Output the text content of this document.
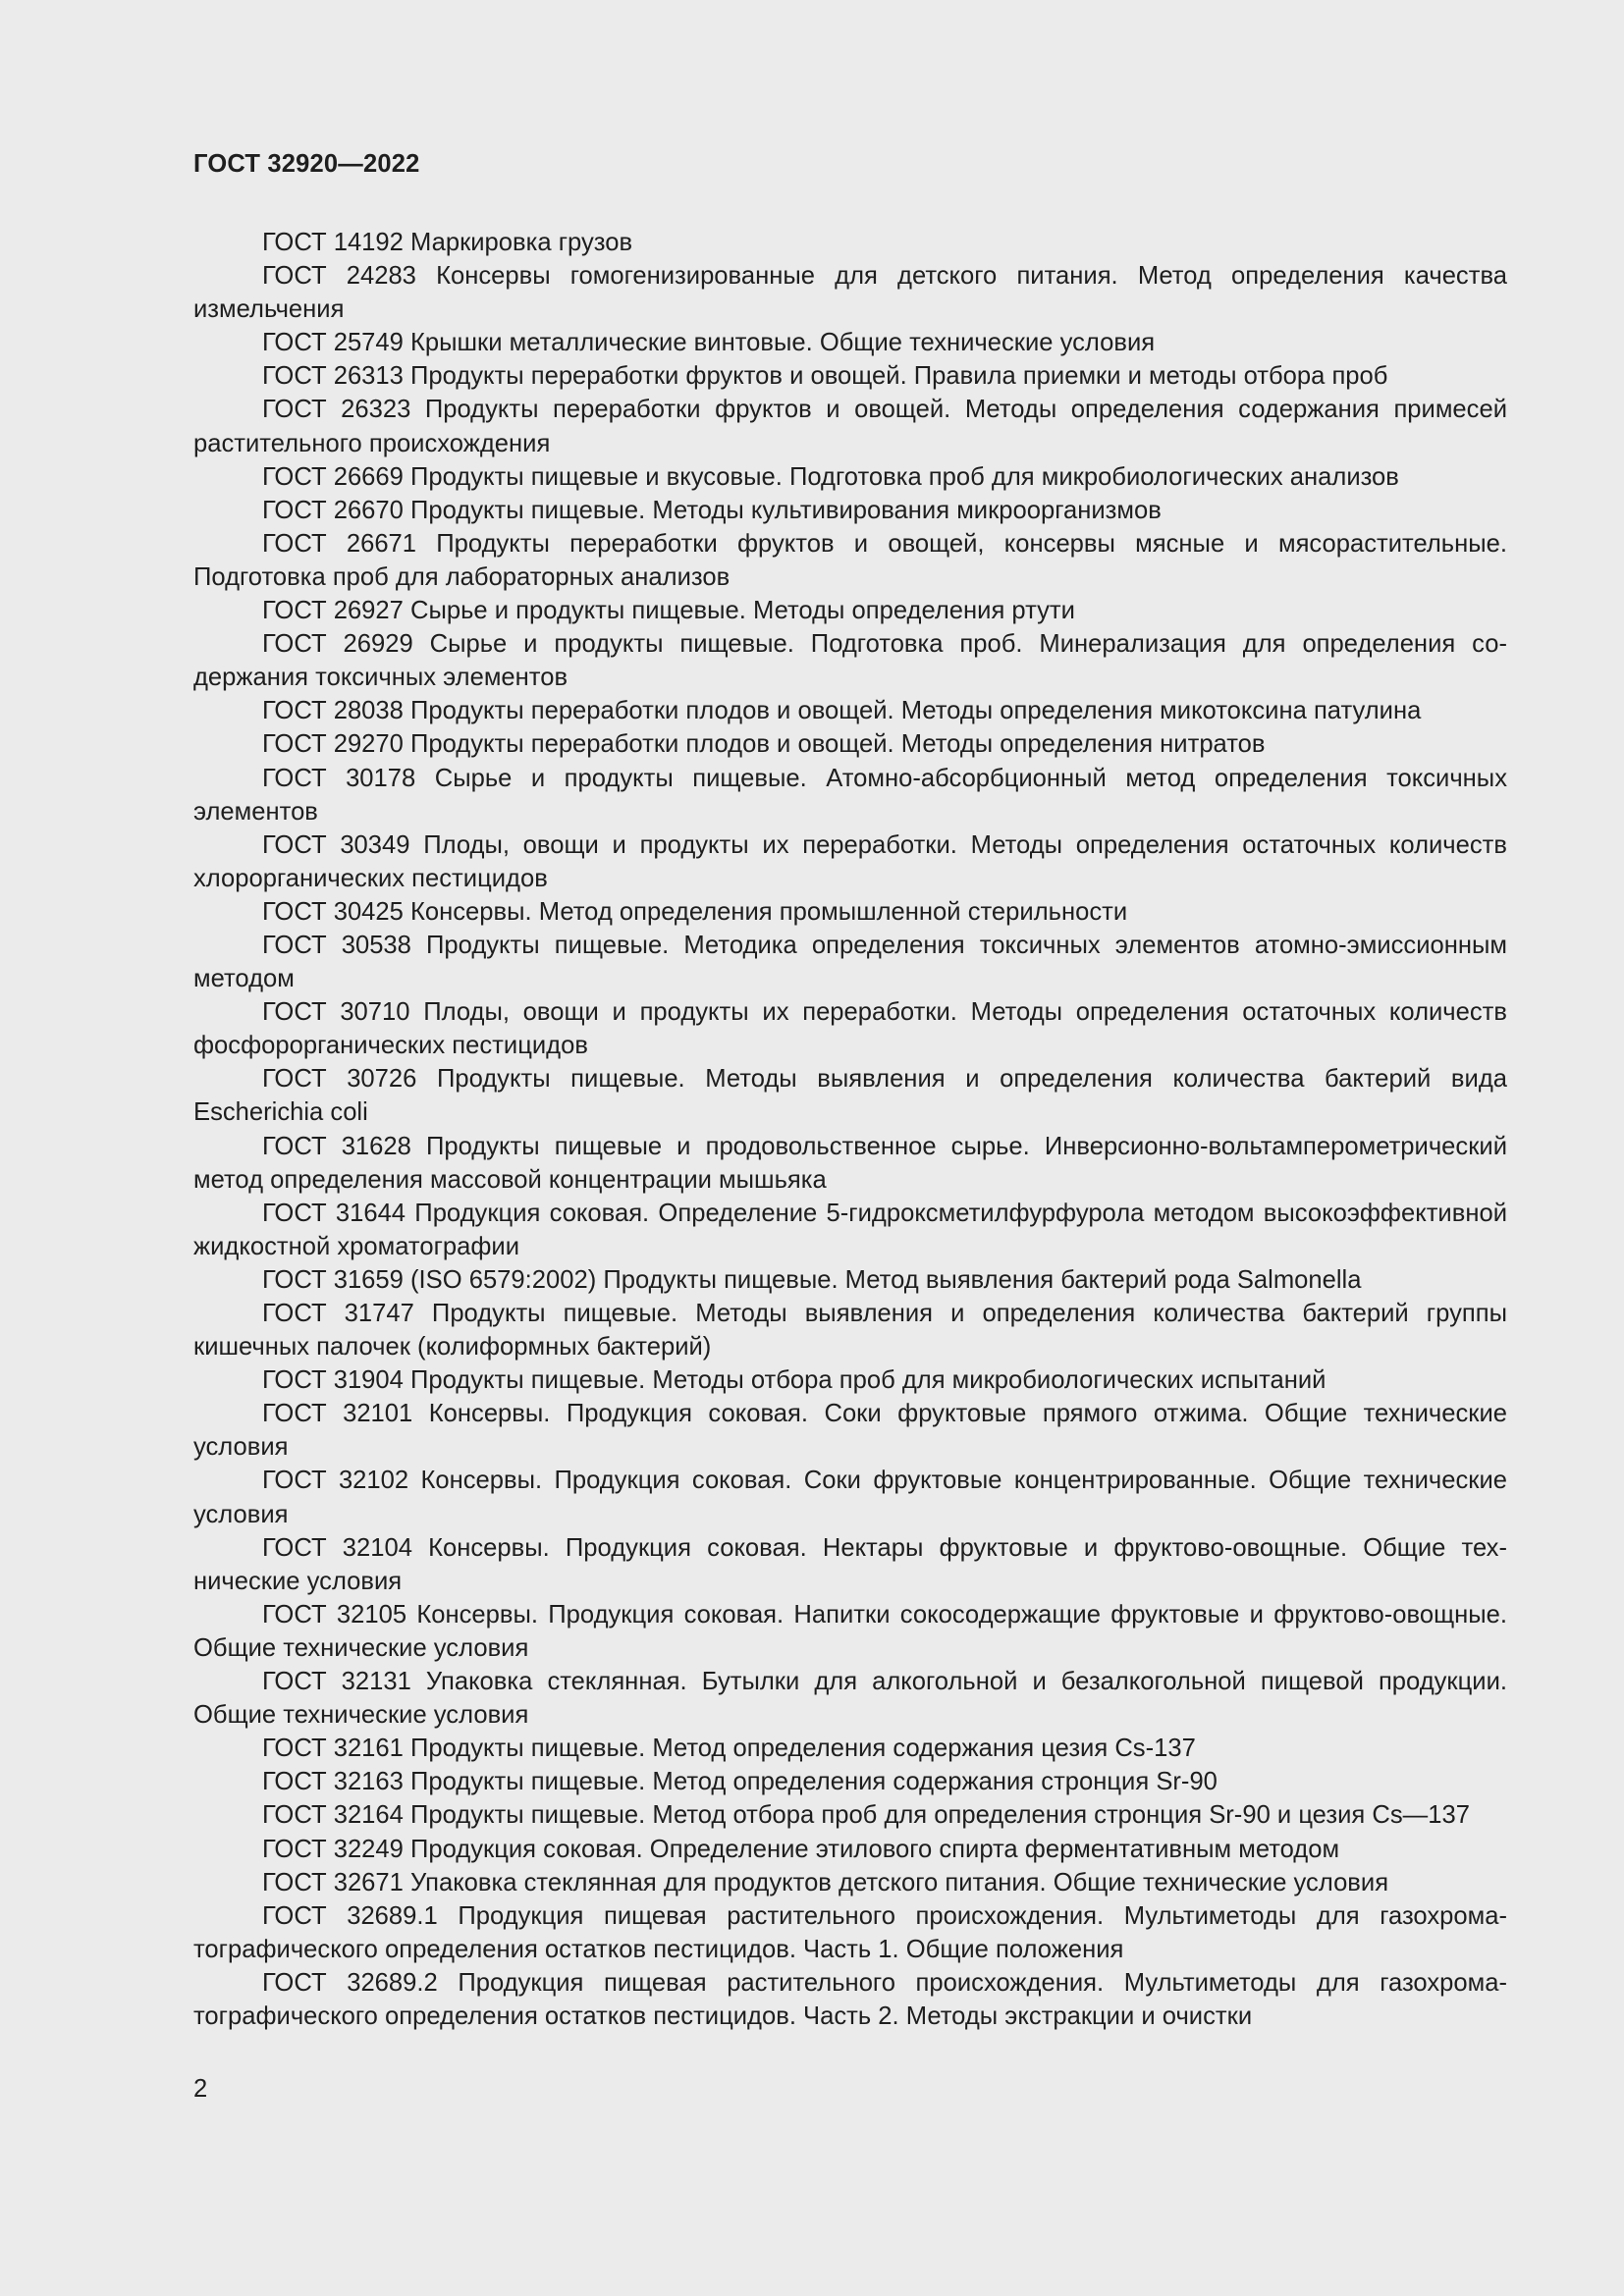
ГОСТ 32920—2022

ГОСТ 14192 Маркировка грузов

ГОСТ 24283 Консервы гомогенизированные для детского питания. Метод определения качества измельчения

ГОСТ 25749 Крышки металлические винтовые. Общие технические условия

ГОСТ 26313 Продукты переработки фруктов и овощей. Правила приемки и методы отбора проб

ГОСТ 26323 Продукты переработки фруктов и овощей. Методы определения содержания примесей растительного происхождения

ГОСТ 26669 Продукты пищевые и вкусовые. Подготовка проб для микробиологических анализов

ГОСТ 26670 Продукты пищевые. Методы культивирования микроорганизмов

ГОСТ 26671 Продукты переработки фруктов и овощей, консервы мясные и мясорастительные. Подготовка проб для лабораторных анализов

ГОСТ 26927 Сырье и продукты пищевые. Методы определения ртути

ГОСТ 26929 Сырье и продукты пищевые. Подготовка проб. Минерализация для определения содержания токсичных элементов

ГОСТ 28038 Продукты переработки плодов и овощей. Методы определения микотоксина патулина

ГОСТ 29270 Продукты переработки плодов и овощей. Методы определения нитратов

ГОСТ 30178 Сырье и продукты пищевые. Атомно-абсорбционный метод определения токсичных элементов

ГОСТ 30349 Плоды, овощи и продукты их переработки. Методы определения остаточных количеств хлорорганических пестицидов

ГОСТ 30425 Консервы. Метод определения промышленной стерильности

ГОСТ 30538 Продукты пищевые. Методика определения токсичных элементов атомно-эмиссионным методом

ГОСТ 30710 Плоды, овощи и продукты их переработки. Методы определения остаточных количеств фосфорорганических пестицидов

ГОСТ 30726 Продукты пищевые. Методы выявления и определения количества бактерий вида Escherichia coli

ГОСТ 31628 Продукты пищевые и продовольственное сырье. Инверсионно-вольтамперометрический метод определения массовой концентрации мышьяка

ГОСТ 31644 Продукция соковая. Определение 5-гидроксметилфурфурола методом высокоэффективной жидкостной хроматографии

ГОСТ 31659 (ISO 6579:2002) Продукты пищевые. Метод выявления бактерий рода Salmonella

ГОСТ 31747 Продукты пищевые. Методы выявления и определения количества бактерий группы кишечных палочек (колиформных бактерий)

ГОСТ 31904 Продукты пищевые. Методы отбора проб для микробиологических испытаний

ГОСТ 32101 Консервы. Продукция соковая. Соки фруктовые прямого отжима. Общие технические условия

ГОСТ 32102 Консервы. Продукция соковая. Соки фруктовые концентрированные. Общие технические условия

ГОСТ 32104 Консервы. Продукция соковая. Нектары фруктовые и фруктово-овощные. Общие технические условия

ГОСТ 32105 Консервы. Продукция соковая. Напитки сокосодержащие фруктовые и фруктово-овощные. Общие технические условия

ГОСТ 32131 Упаковка стеклянная. Бутылки для алкогольной и безалкогольной пищевой продукции. Общие технические условия

ГОСТ 32161 Продукты пищевые. Метод определения содержания цезия Cs-137

ГОСТ 32163 Продукты пищевые. Метод определения содержания стронция Sr-90

ГОСТ 32164 Продукты пищевые. Метод отбора проб для определения стронция Sr-90 и цезия Cs—137

ГОСТ 32249 Продукция соковая. Определение этилового спирта ферментативным методом

ГОСТ 32671 Упаковка стеклянная для продуктов детского питания. Общие технические условия

ГОСТ 32689.1 Продукция пищевая растительного происхождения. Мультиметоды для газохроматографического определения остатков пестицидов. Часть 1. Общие положения

ГОСТ 32689.2 Продукция пищевая растительного происхождения. Мультиметоды для газохроматографического определения остатков пестицидов. Часть 2. Методы экстракции и очистки

2
